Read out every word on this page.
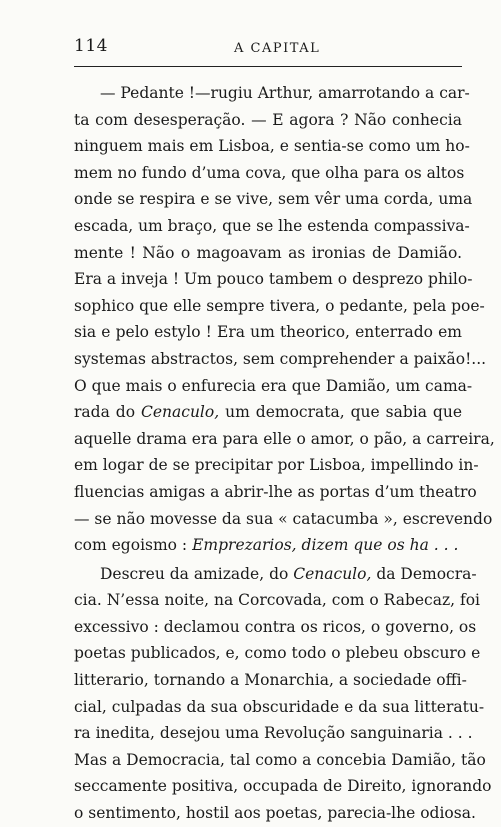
114	A CAPITAL
— Pedante !—rugiu Arthur, amarrotando a car-
ta com desesperação. — E agora ? Não conhecia
ninguem mais em Lisboa, e sentia-se como um ho-
mem no fundo d’uma cova, que olha para os altos
onde se respira e se vive, sem vêr uma corda, uma
escada, um braço, que se lhe estenda compassiva-
mente ! Não o magoavam as ironias de Damião.
Era a inveja ! Um pouco tambem o desprezo philo-
sophico que elle sempre tivera, o pedante, pela poe-
sia e pelo estylo ! Era um theorico, enterrado em
systemas abstractos, sem comprehender a paixão!...
O que mais o enfurecia era que Damião, um cama-
rada do Cenaculo, um democrata, que sabia que
aquelle drama era para elle o amor, o pão, a carreira,
em logar de se precipitar por Lisboa, impellindo in-
fluencias amigas a abrir-lhe as portas d’um theatro
— se não movesse da sua « catacumba », escrevendo
com egoismo : Emprezarios, dizem que os ha . . .
Descreu da amizade, do Cenaculo, da Democra-
cia. N’essa noite, na Corcovada, com o Rabecaz, foi
excessivo : declamou contra os ricos, o governo, os
poetas publicados, e, como todo o plebeu obscuro e
litterario, tornando a Monarchia, a sociedade offi-
cial, culpadas da sua obscuridade e da sua litteratu-
ra inedita, desejou uma Revolução sanguinaria . . .
Mas a Democracia, tal como a concebia Damião, tão
seccamente positiva, occupada de Direito, ignorando
o sentimento, hostil aos poetas, parecia-lhe odiosa.
